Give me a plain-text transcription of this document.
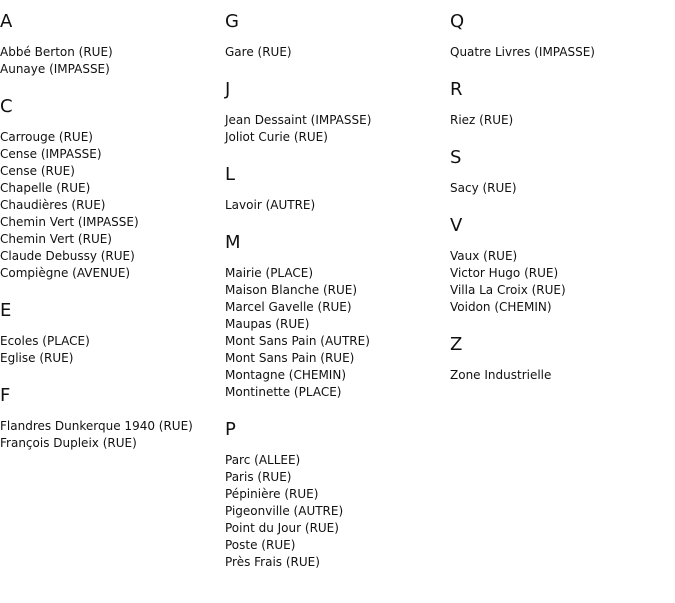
A
Abbé Berton (RUE)
Aunaye (IMPASSE)
C
Carrouge (RUE)
Cense (IMPASSE)
Cense (RUE)
Chapelle (RUE)
Chaudières (RUE)
Chemin Vert (IMPASSE)
Chemin Vert (RUE)
Claude Debussy (RUE)
Compiègne (AVENUE)
E
Ecoles (PLACE)
Eglise (RUE)
F
Flandres Dunkerque 1940 (RUE)
François Dupleix (RUE)
G
Gare (RUE)
J
Jean Dessaint (IMPASSE)
Joliot Curie (RUE)
L
Lavoir (AUTRE)
M
Mairie (PLACE)
Maison Blanche (RUE)
Marcel Gavelle (RUE)
Maupas (RUE)
Mont Sans Pain (AUTRE)
Mont Sans Pain (RUE)
Montagne (CHEMIN)
Montinette (PLACE)
P
Parc (ALLEE)
Paris (RUE)
Pépinière (RUE)
Pigeonville (AUTRE)
Point du Jour (RUE)
Poste (RUE)
Près Frais (RUE)
Q
Quatre Livres (IMPASSE)
R
Riez (RUE)
S
Sacy (RUE)
V
Vaux (RUE)
Victor Hugo (RUE)
Villa La Croix (RUE)
Voidon (CHEMIN)
Z
Zone Industrielle
